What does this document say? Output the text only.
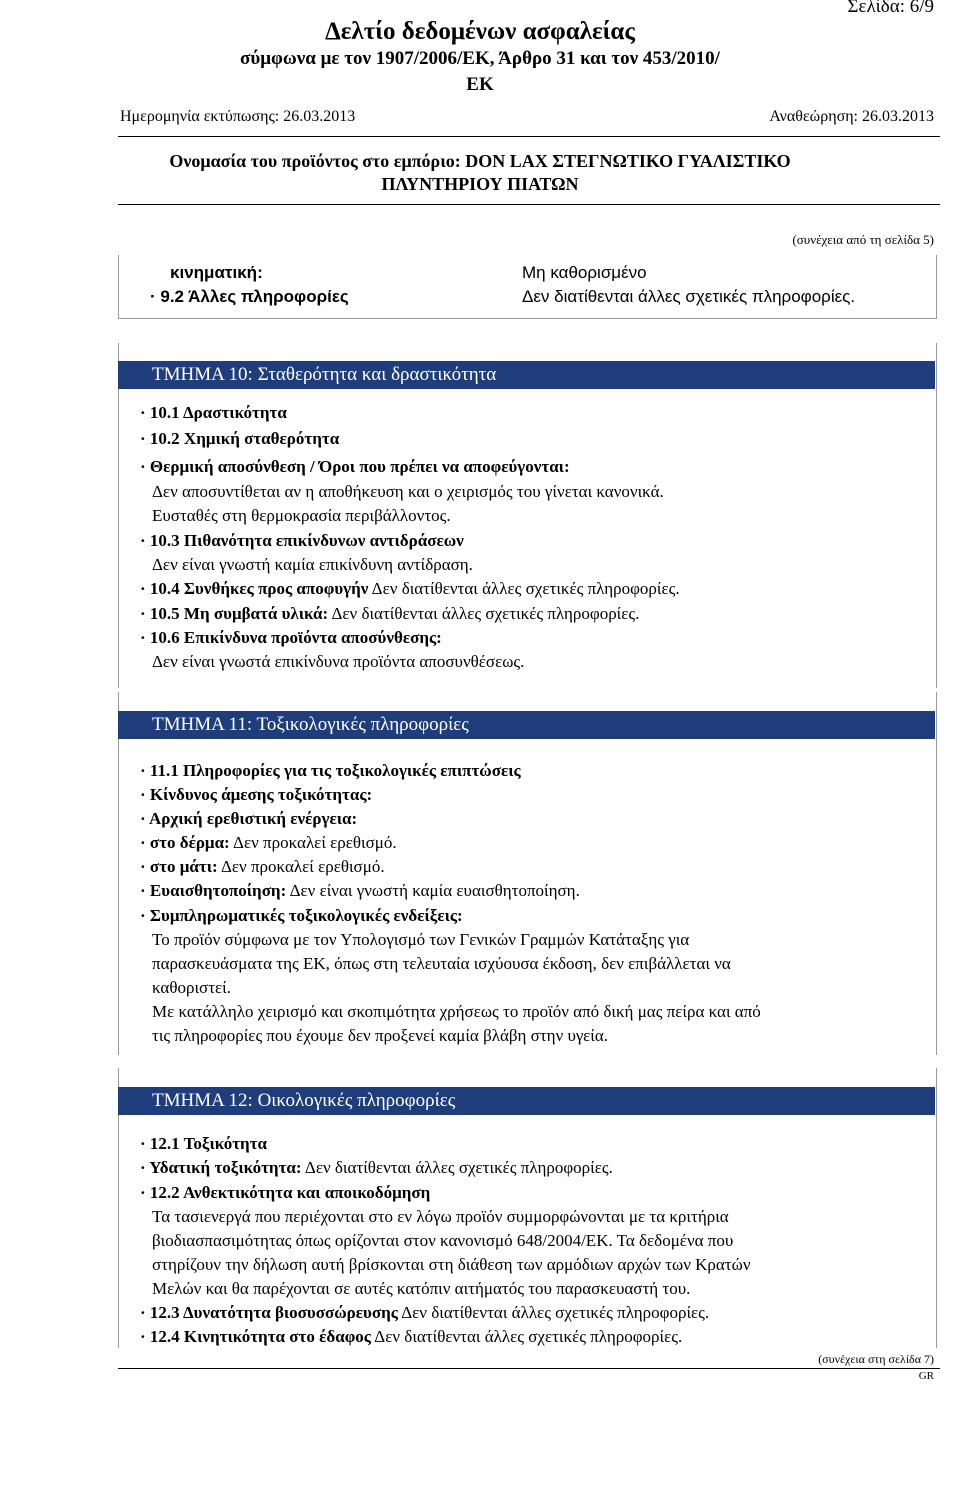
Σελίδα: 6/9
Δελτίο δεδομένων ασφαλείας
σύμφωνα με τον 1907/2006/ΕΚ, Άρθρο 31 και τον 453/2010/
ΕΚ
Ημερομηνία εκτύπωσης: 26.03.2013	Αναθεώρηση: 26.03.2013
Ονομασία του προϊόντος στο εμπόριο: DON LAX ΣΤΕΓΝΩΤΙΚΟ ΓΥΑΛΙΣΤΙΚΟ
ΠΛΥΝΤΗΡΙΟΥ ΠΙΑΤΩΝ
(συνέχεια από τη σελίδα 5)
κινηματική:	Μη καθορισμένο
· 9.2 Άλλες πληροφορίες	Δεν διατίθενται άλλες σχετικές πληροφορίες.
ΤΜΗΜΑ 10: Σταθερότητα και δραστικότητα
· 10.1 Δραστικότητα
· 10.2 Χημική σταθερότητα
· Θερμική αποσύνθεση / Όροι που πρέπει να αποφεύγονται:
Δεν αποσυντίθεται αν η αποθήκευση και ο χειρισμός του γίνεται κανονικά.
Ευσταθές στη θερμοκρασία περιβάλλοντος.
· 10.3 Πιθανότητα επικίνδυνων αντιδράσεων
Δεν είναι γνωστή καμία επικίνδυνη αντίδραση.
· 10.4 Συνθήκες προς αποφυγήν Δεν διατίθενται άλλες σχετικές πληροφορίες.
· 10.5 Μη συμβατά υλικά: Δεν διατίθενται άλλες σχετικές πληροφορίες.
· 10.6 Επικίνδυνα προϊόντα αποσύνθεσης:
Δεν είναι γνωστά επικίνδυνα προϊόντα αποσυνθέσεως.
ΤΜΗΜΑ 11: Τοξικολογικές πληροφορίες
· 11.1 Πληροφορίες για τις τοξικολογικές επιπτώσεις
· Κίνδυνος άμεσης τοξικότητας:
· Αρχική ερεθιστική ενέργεια:
· στο δέρμα: Δεν προκαλεί ερεθισμό.
· στο μάτι: Δεν προκαλεί ερεθισμό.
· Ευαισθητοποίηση: Δεν είναι γνωστή καμία ευαισθητοποίηση.
· Συμπληρωματικές τοξικολογικές ενδείξεις:
Το προϊόν σύμφωνα με τον Υπολογισμό των Γενικών Γραμμών Κατάταξης για
παρασκευάσματα της ΕΚ, όπως στη τελευταία ισχύουσα έκδοση, δεν επιβάλλεται να
καθοριστεί.
Με κατάλληλο χειρισμό και σκοπιμότητα χρήσεως το προϊόν από δική μας πείρα και από
τις πληροφορίες που έχουμε δεν προξενεί καμία βλάβη στην υγεία.
ΤΜΗΜΑ 12: Οικολογικές πληροφορίες
· 12.1 Τοξικότητα
· Υδατική τοξικότητα: Δεν διατίθενται άλλες σχετικές πληροφορίες.
· 12.2 Ανθεκτικότητα και αποικοδόμηση
Τα τασιενεργά που περιέχονται στο εν λόγω προϊόν συμμορφώνονται με τα κριτήρια
βιοδιασπασιμότητας όπως ορίζονται στον κανονισμό 648/2004/ΕΚ. Τα δεδομένα που
στηρίζουν την δήλωση αυτή βρίσκονται στη διάθεση των αρμόδιων αρχών των Κρατών
Μελών και θα παρέχονται σε αυτές κατόπιν αιτήματός του παρασκευαστή του.
· 12.3 Δυνατότητα βιοσυσσώρευσης Δεν διατίθενται άλλες σχετικές πληροφορίες.
· 12.4 Κινητικότητα στο έδαφος Δεν διατίθενται άλλες σχετικές πληροφορίες.
(συνέχεια στη σελίδα 7)
GR
